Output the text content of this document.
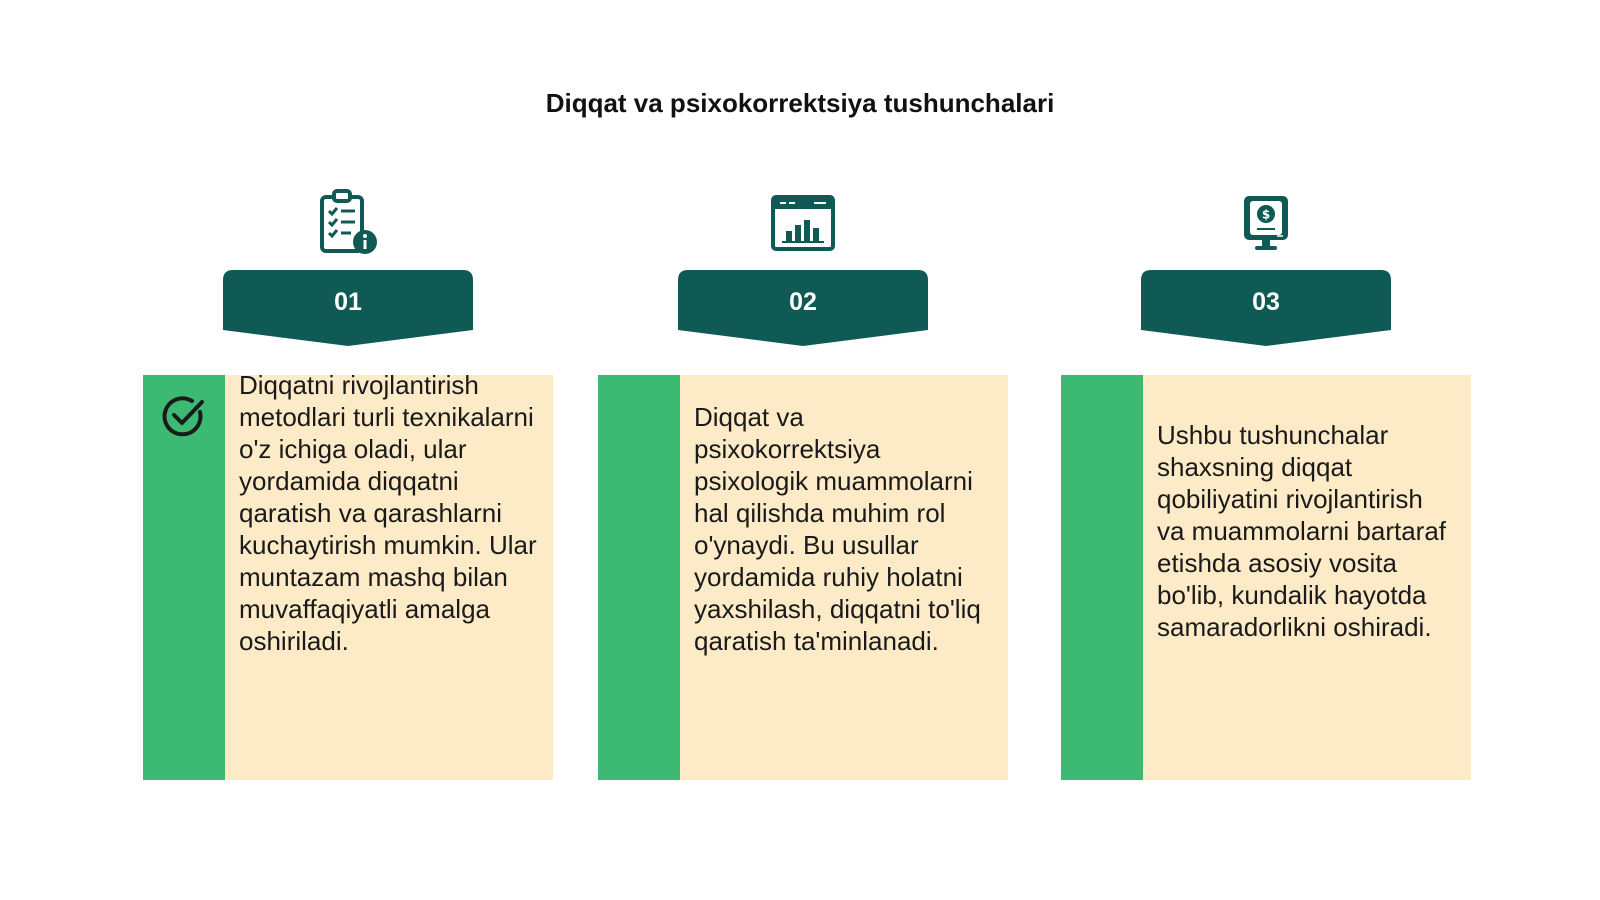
Diqqat va psixokorrektsiya tushunchalari
01

Diqqatni rivojlantirish metodlari turli texnikalarni o'z ichiga oladi, ular yordamida diqqatni qaratish va qarashlarni kuchaytirish mumkin. Ular muntazam mashq bilan muvaffaqiyatli amalga oshiriladi.

02

Diqqat va psixokorrektsiya psixologik muammolarni hal qilishda muhim rol o'ynaydi. Bu usullar yordamida ruhiy holatni yaxshilash, diqqatni to'liq qaratish ta'minlanadi.

$
03

Ushbu tushunchalar shaxsning diqqat qobiliyatini rivojlantirish va muammolarni bartaraf etishda asosiy vosita bo'lib, kundalik hayotda samaradorlikni oshiradi.
